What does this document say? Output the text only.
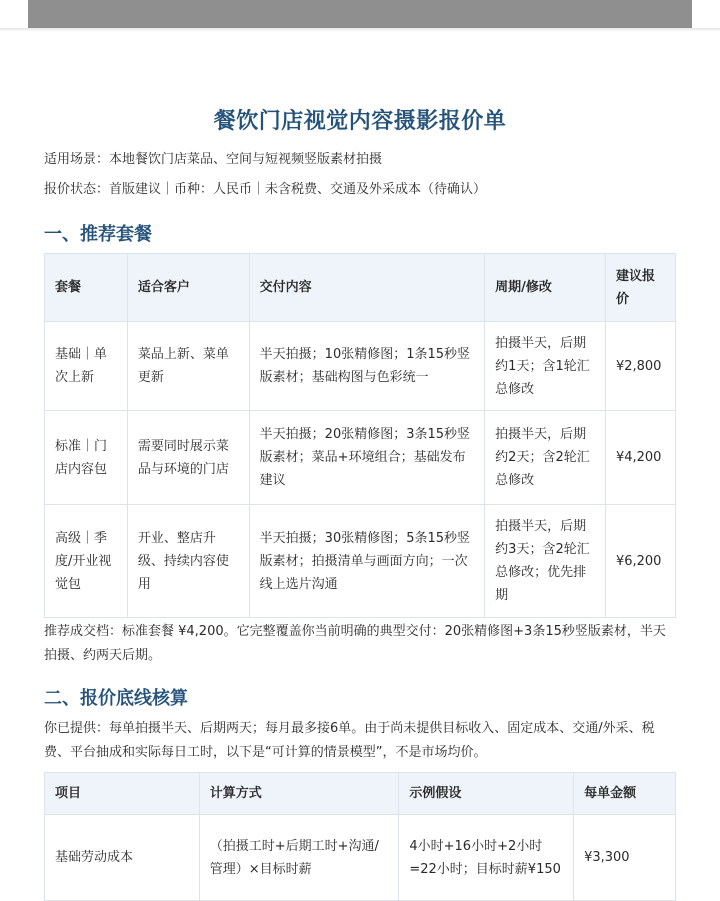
餐饮门店视觉内容摄影报价单

适用场景：本地餐饮门店菜品、空间与短视频竖版素材拍摄

报价状态：首版建议｜币种：人民币｜未含税费、交通及外采成本（待确认）

一、推荐套餐
套餐	适合客户	交付内容	周期/修改	建议报价
基础｜单次上新	菜品上新、菜单更新	半天拍摄；10张精修图；1条15秒竖版素材；基础构图与色彩统一	拍摄半天，后期约1天；含1轮汇总修改	¥2,800
标准｜门店内容包	需要同时展示菜品与环境的门店	半天拍摄；20张精修图；3条15秒竖版素材；菜品+环境组合；基础发布建议	拍摄半天，后期约2天；含2轮汇总修改	¥4,200
高级｜季度/开业视觉包	开业、整店升级、持续内容使用	半天拍摄；30张精修图；5条15秒竖版素材；拍摄清单与画面方向；一次线上选片沟通	拍摄半天，后期约3天；含2轮汇总修改；优先排期	¥6,200

推荐成交档：标准套餐 ¥4,200。它完整覆盖你当前明确的典型交付：20张精修图+3条15秒竖版素材，半天拍摄、约两天后期。

二、报价底线核算

你已提供：每单拍摄半天、后期两天；每月最多接6单。由于尚未提供目标收入、固定成本、交通/外采、税费、平台抽成和实际每日工时，以下是“可计算的情景模型”，不是市场均价。

项目	计算方式	示例假设	每单金额
基础劳动成本	（拍摄工时+后期工时+沟通/管理）×目标时薪	4小时+16小时+2小时=22小时；目标时薪¥150	¥3,300
